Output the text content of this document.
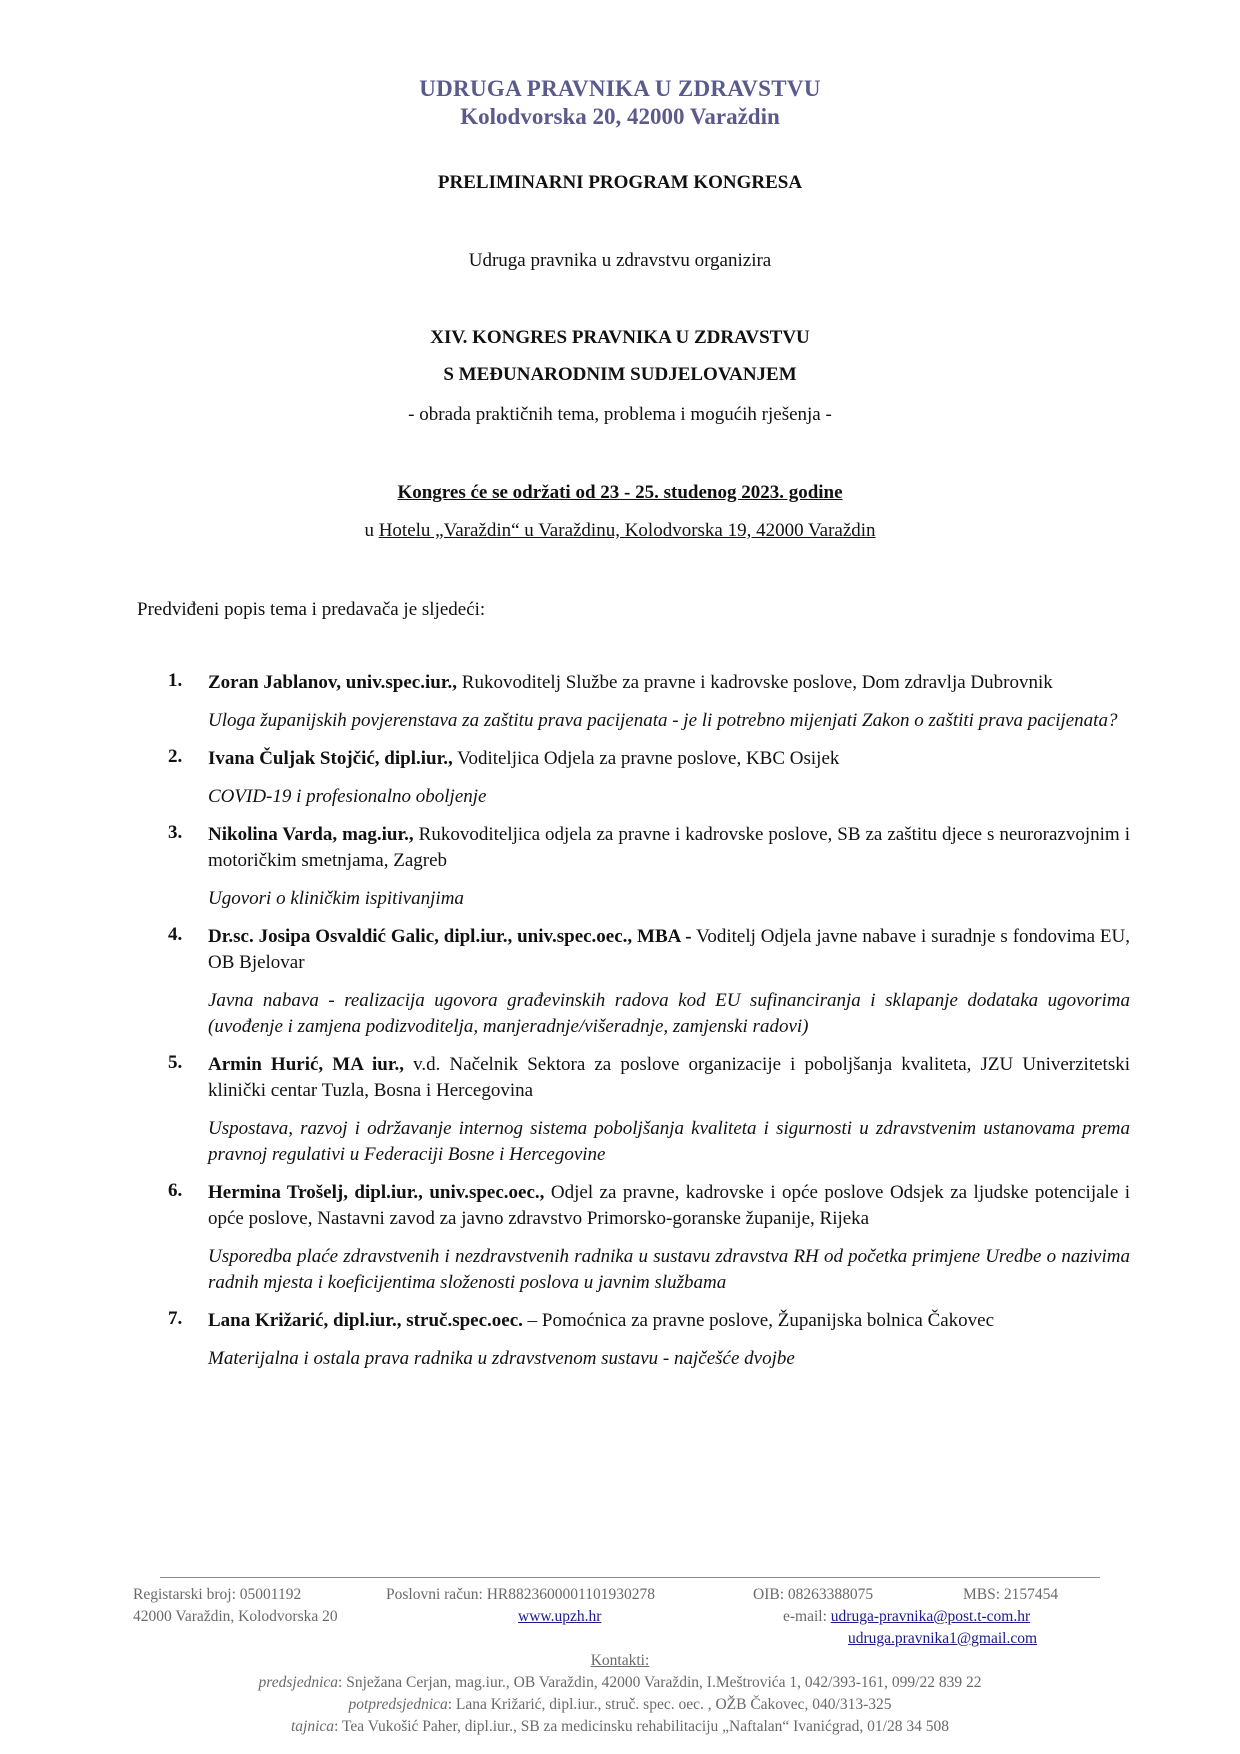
UDRUGA PRAVNIKA U ZDRAVSTVU
Kolodvorska 20, 42000 Varaždin
PRELIMINARNI PROGRAM KONGRESA
Udruga pravnika u zdravstvu organizira
XIV. KONGRES PRAVNIKA U ZDRAVSTVU
S MEĐUNARODNIM SUDJELOVANJEM
- obrada praktičnih tema, problema i mogućih rješenja -
Kongres će se održati od 23 - 25. studenog 2023. godine
u Hotelu „Varaždin“ u Varaždinu, Kolodvorska 19, 42000 Varaždin
Predviđeni popis tema i predavača je sljedeći:
1. Zoran Jablanov, univ.spec.iur., Rukovoditelj Službe za pravne i kadrovske poslove, Dom zdravlja Dubrovnik
Uloga županijskih povjerenstava za zaštitu prava pacijenata - je li potrebno mijenjati Zakon o zaštiti prava pacijenata?
2. Ivana Čuljak Stojčić, dipl.iur., Voditeljica Odjela za pravne poslove, KBC Osijek
COVID-19 i profesionalno oboljenje
3. Nikolina Varda, mag.iur., Rukovoditeljica odjela za pravne i kadrovske poslove, SB za zaštitu djece s neurorazvojnim i motoričkim smetnjama, Zagreb
Ugovori o kliničkim ispitivanjima
4. Dr.sc. Josipa Osvaldić Galic, dipl.iur., univ.spec.oec., MBA - Voditelj Odjela javne nabave i suradnje s fondovima EU, OB Bjelovar
Javna nabava - realizacija ugovora građevinskih radova kod EU sufinanciranja i sklapanje dodataka ugovorima (uvođenje i zamjena podizvoditelja, manjeradnje/višeradnje, zamjenski radovi)
5. Armin Hurić, MA iur., v.d. Načelnik Sektora za poslove organizacije i poboljšanja kvaliteta, JZU Univerzitetski klinički centar Tuzla, Bosna i Hercegovina
Uspostava, razvoj i održavanje internog sistema poboljšanja kvaliteta i sigurnosti u zdravstvenim ustanovama prema pravnoj regulativi u Federaciji Bosne i Hercegovine
6. Hermina Trošelj, dipl.iur., univ.spec.oec., Odjel za pravne, kadrovske i opće poslove Odsjek za ljudske potencijale i opće poslove, Nastavni zavod za javno zdravstvo Primorsko-goranske županije, Rijeka
Usporedba plaće zdravstvenih i nezdravstvenih radnika u sustavu zdravstva RH od početka primjene Uredbe o nazivima radnih mjesta i koeficijentima složenosti poslova u javnim službama
7. Lana Križarić, dipl.iur., struč.spec.oec. – Pomoćnica za pravne poslove, Županijska bolnica Čakovec
Materijalna i ostala prava radnika u zdravstvenom sustavu - najčešće dvojbe
Registarski broj: 05001192	Poslovni račun: HR8823600001101930278	OIB: 08263388075	MBS: 2157454
42000 Varaždin, Kolodvorska 20	www.upzh.hr	e-mail: udruga-pravnika@post.t-com.hr
udruga.pravnika1@gmail.com
Kontakti:
predsjednica: Snježana Cerjan, mag.iur., OB Varaždin, 42000 Varaždin, I.Meštrovića 1, 042/393-161, 099/22 839 22
potpredsjednica: Lana Križarić, dipl.iur., struč. spec. oec. , OŽB Čakovec, 040/313-325
tajnica: Tea Vukošić Paher, dipl.iur., SB za medicinsku rehabilitaciju „Naftalan“ Ivanićgrad, 01/28 34 508
